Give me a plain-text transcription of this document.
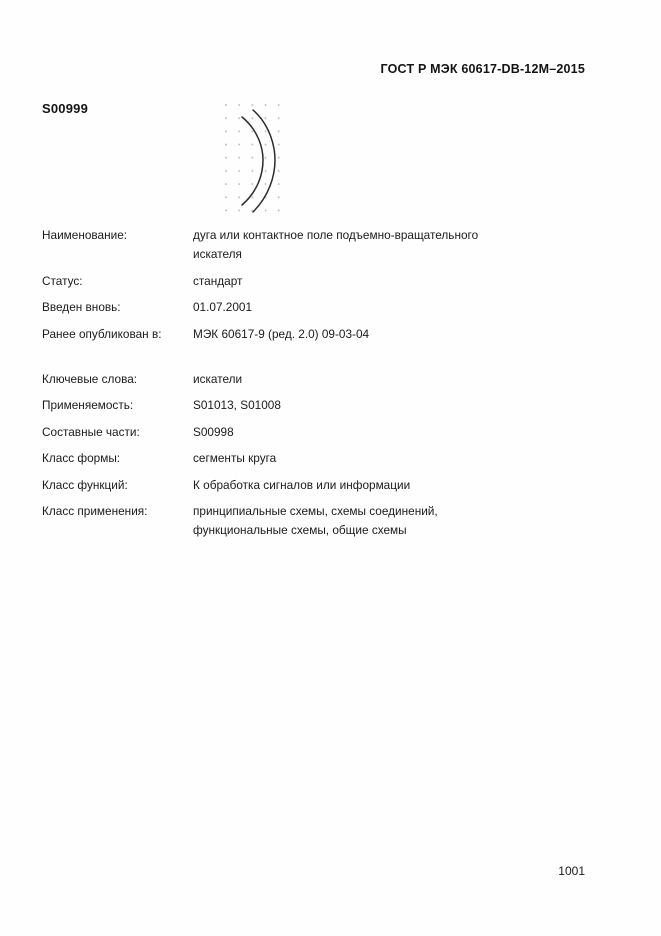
ГОСТ Р МЭК 60617-DB-12M–2015
S00999
Наименование:	дуга или контактное поле подъемно-вращательного
искателя
Статус:	стандарт
Введен вновь:	01.07.2001
Ранее опубликован в:	МЭК 60617-9 (ред. 2.0) 09-03-04
Ключевые слова:	искатели
Применяемость:	S01013, S01008
Составные части:	S00998
Класс формы:	сегменты круга
Класс функций:	К обработка сигналов или информации
Класс применения:	принципиальные схемы, схемы соединений,
функциональные схемы, общие схемы
1001
